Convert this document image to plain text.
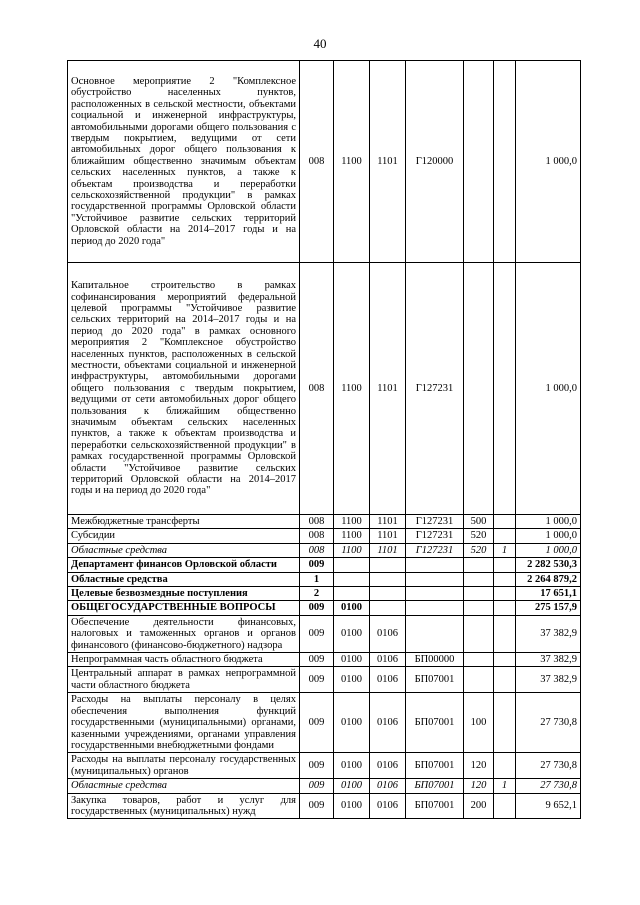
40
Основное мероприятие 2 "Комплексное обустройство населенных пунктов, расположенных в сельской местности, объектами социальной и инженерной инфраструктуры, автомобильными дорогами общего пользования с твердым покрытием, ведущими от сети автомобильных дорог общего пользования к ближайшим общественно значимым объектам сельских населенных пунктов, а также к объектам производства и переработки сельскохозяйственной продукции" в рамках государственной программы Орловской области "Устойчивое развитие сельских территорий Орловской области на 2014–2017 годы и на период до 2020 года"	008	1100	1101	Г120000			1 000,0
Капитальное строительство в рамках софинансирования мероприятий федеральной целевой программы "Устойчивое развитие сельских территорий на 2014–2017 годы и на период до 2020 года" в рамках основного мероприятия 2 "Комплексное обустройство населенных пунктов, расположенных в сельской местности, объектами социальной и инженерной инфраструктуры, автомобильными дорогами общего пользования с твердым покрытием, ведущими от сети автомобильных дорог общего пользования к ближайшим общественно значимым объектам сельских населенных пунктов, а также к объектам производства и переработки сельскохозяйственной продукции" в рамках государственной программы Орловской области "Устойчивое развитие сельских территорий Орловской области на 2014–2017 годы и на период до 2020 года"	008	1100	1101	Г127231			1 000,0
Межбюджетные трансферты	008	1100	1101	Г127231	500		1 000,0
Субсидии	008	1100	1101	Г127231	520		1 000,0
Областные средства	008	1100	1101	Г127231	520	1	1 000,0
Департамент финансов Орловской области	009						2 282 530,3
Областные средства	1						2 264 879,2
Целевые безвозмездные поступления	2						17 651,1
ОБЩЕГОСУДАРСТВЕННЫЕ ВОПРОСЫ	009	0100					275 157,9
Обеспечение деятельности финансовых, налоговых и таможенных органов и органов финансового (финансово-бюджетного) надзора	009	0100	0106				37 382,9
Непрограммная часть областного бюджета	009	0100	0106	БП00000			37 382,9
Центральный аппарат в рамках непрограммной части областного бюджета	009	0100	0106	БП07001			37 382,9
Расходы на выплаты персоналу в целях обеспечения выполнения функций государственными (муниципальными) органами, казенными учреждениями, органами управления государственными внебюджетными фондами	009	0100	0106	БП07001	100		27 730,8
Расходы на выплаты персоналу государственных (муниципальных) органов	009	0100	0106	БП07001	120		27 730,8
Областные средства	009	0100	0106	БП07001	120	1	27 730,8
Закупка товаров, работ и услуг для государственных (муниципальных) нужд	009	0100	0106	БП07001	200		9 652,1
